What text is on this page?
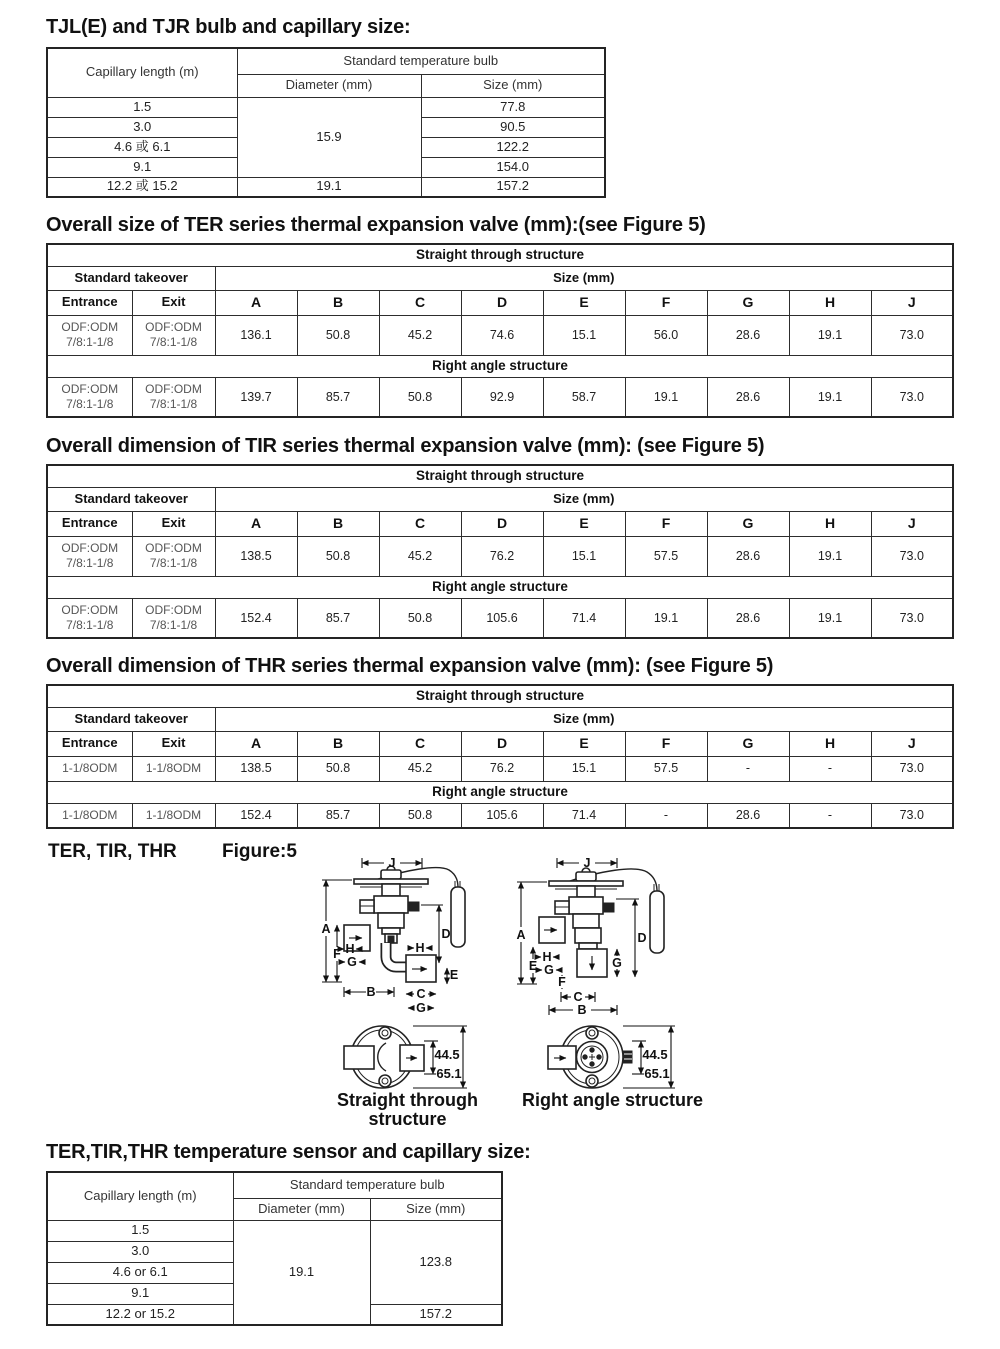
TJL(E) and TJR bulb and capillary size:
Capillary length (m)	Standard temperature bulb	
	Diameter (mm)	Size (mm)
1.5	15.9	77.8
3.0		90.5
4.6 或 6.1		122.2
9.1		154.0
12.2 或 15.2	19.1	157.2
Overall size of TER series thermal expansion valve (mm):(see Figure 5)
Straight through structure										
Standard takeover		Size (mm)								
Entrance	Exit	A	B	C	D	E	F	G	H	J
ODF:ODM 7/8:1-1/8	ODF:ODM 7/8:1-1/8	136.1	50.8	45.2	74.6	15.1	56.0	28.6	19.1	73.0
Right angle structure										
ODF:ODM 7/8:1-1/8	ODF:ODM 7/8:1-1/8	139.7	85.7	50.8	92.9	58.7	19.1	28.6	19.1	73.0
Overall dimension of TIR series thermal expansion valve (mm): (see Figure 5)
Straight through structure										
Standard takeover		Size (mm)								
Entrance	Exit	A	B	C	D	E	F	G	H	J
ODF:ODM 7/8:1-1/8	ODF:ODM 7/8:1-1/8	138.5	50.8	45.2	76.2	15.1	57.5	28.6	19.1	73.0
Right angle structure										
ODF:ODM 7/8:1-1/8	ODF:ODM 7/8:1-1/8	152.4	85.7	50.8	105.6	71.4	19.1	28.6	19.1	73.0
Overall dimension of THR series thermal expansion valve (mm): (see Figure 5)
Straight through structure										
Standard takeover		Size (mm)								
Entrance	Exit	A	B	C	D	E	F	G	H	J
1-1/8ODM	1-1/8ODM	138.5	50.8	45.2	76.2	15.1	57.5	-	-	73.0
Right angle structure										
1-1/8ODM	1-1/8ODM	152.4	85.7	50.8	105.6	71.4	-	28.6	-	73.0
TER, TIR, THR Figure:5
J
A
F H
G
B	C
G
E
D
H
J
A
E
H
G
F
C
B
D
G
44.5
65.1
44.5
65.1
Straight through structure
Right angle structure
TER,TIR,THR temperature sensor and capillary size:
Capillary length (m)	Standard temperature bulb	
	Diameter (mm)	Size (mm)
1.5	19.1	123.8
3.0		
4.6 or 6.1		
9.1		
12.2 or 15.2		157.2
